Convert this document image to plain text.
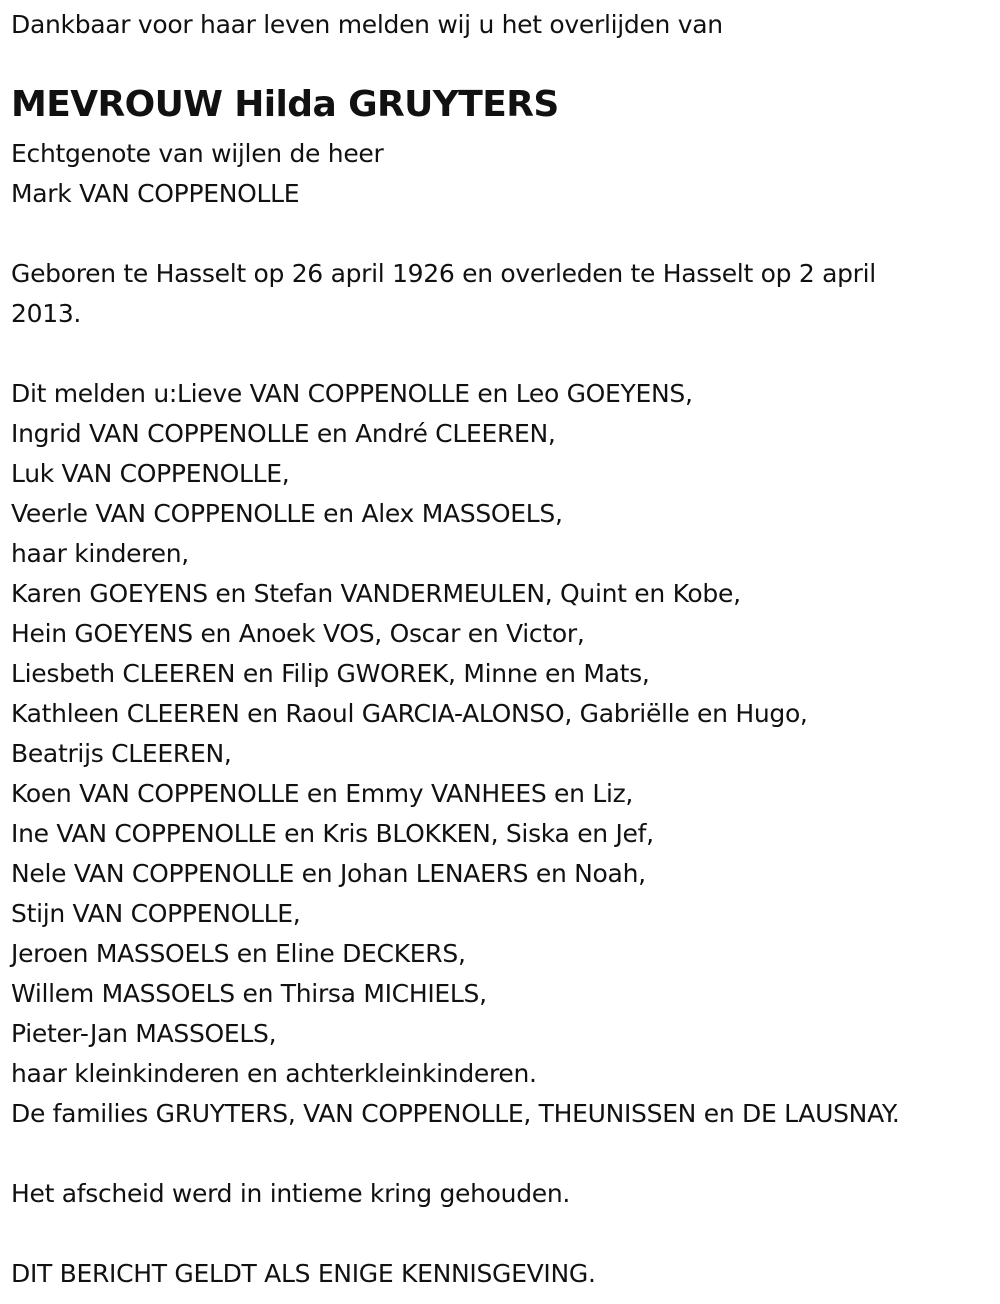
Dankbaar voor haar leven melden wij u het overlijden van
MEVROUW Hilda GRUYTERS
Echtgenote van wijlen de heer
Mark VAN COPPENOLLE
Geboren te Hasselt op 26 april 1926 en overleden te Hasselt op 2 april
2013.
Dit melden u:Lieve VAN COPPENOLLE en Leo GOEYENS,
Ingrid VAN COPPENOLLE en André CLEEREN,
Luk VAN COPPENOLLE,
Veerle VAN COPPENOLLE en Alex MASSOELS,
haar kinderen,
Karen GOEYENS en Stefan VANDERMEULEN, Quint en Kobe,
Hein GOEYENS en Anoek VOS, Oscar en Victor,
Liesbeth CLEEREN en Filip GWOREK, Minne en Mats,
Kathleen CLEEREN en Raoul GARCIA-ALONSO, Gabriëlle en Hugo,
Beatrijs CLEEREN,
Koen VAN COPPENOLLE en Emmy VANHEES en Liz,
Ine VAN COPPENOLLE en Kris BLOKKEN, Siska en Jef,
Nele VAN COPPENOLLE en Johan LENAERS en Noah,
Stijn VAN COPPENOLLE,
Jeroen MASSOELS en Eline DECKERS,
Willem MASSOELS en Thirsa MICHIELS,
Pieter-Jan MASSOELS,
haar kleinkinderen en achterkleinkinderen.
De families GRUYTERS, VAN COPPENOLLE, THEUNISSEN en DE LAUSNAY.
Het afscheid werd in intieme kring gehouden.
DIT BERICHT GELDT ALS ENIGE KENNISGEVING.
